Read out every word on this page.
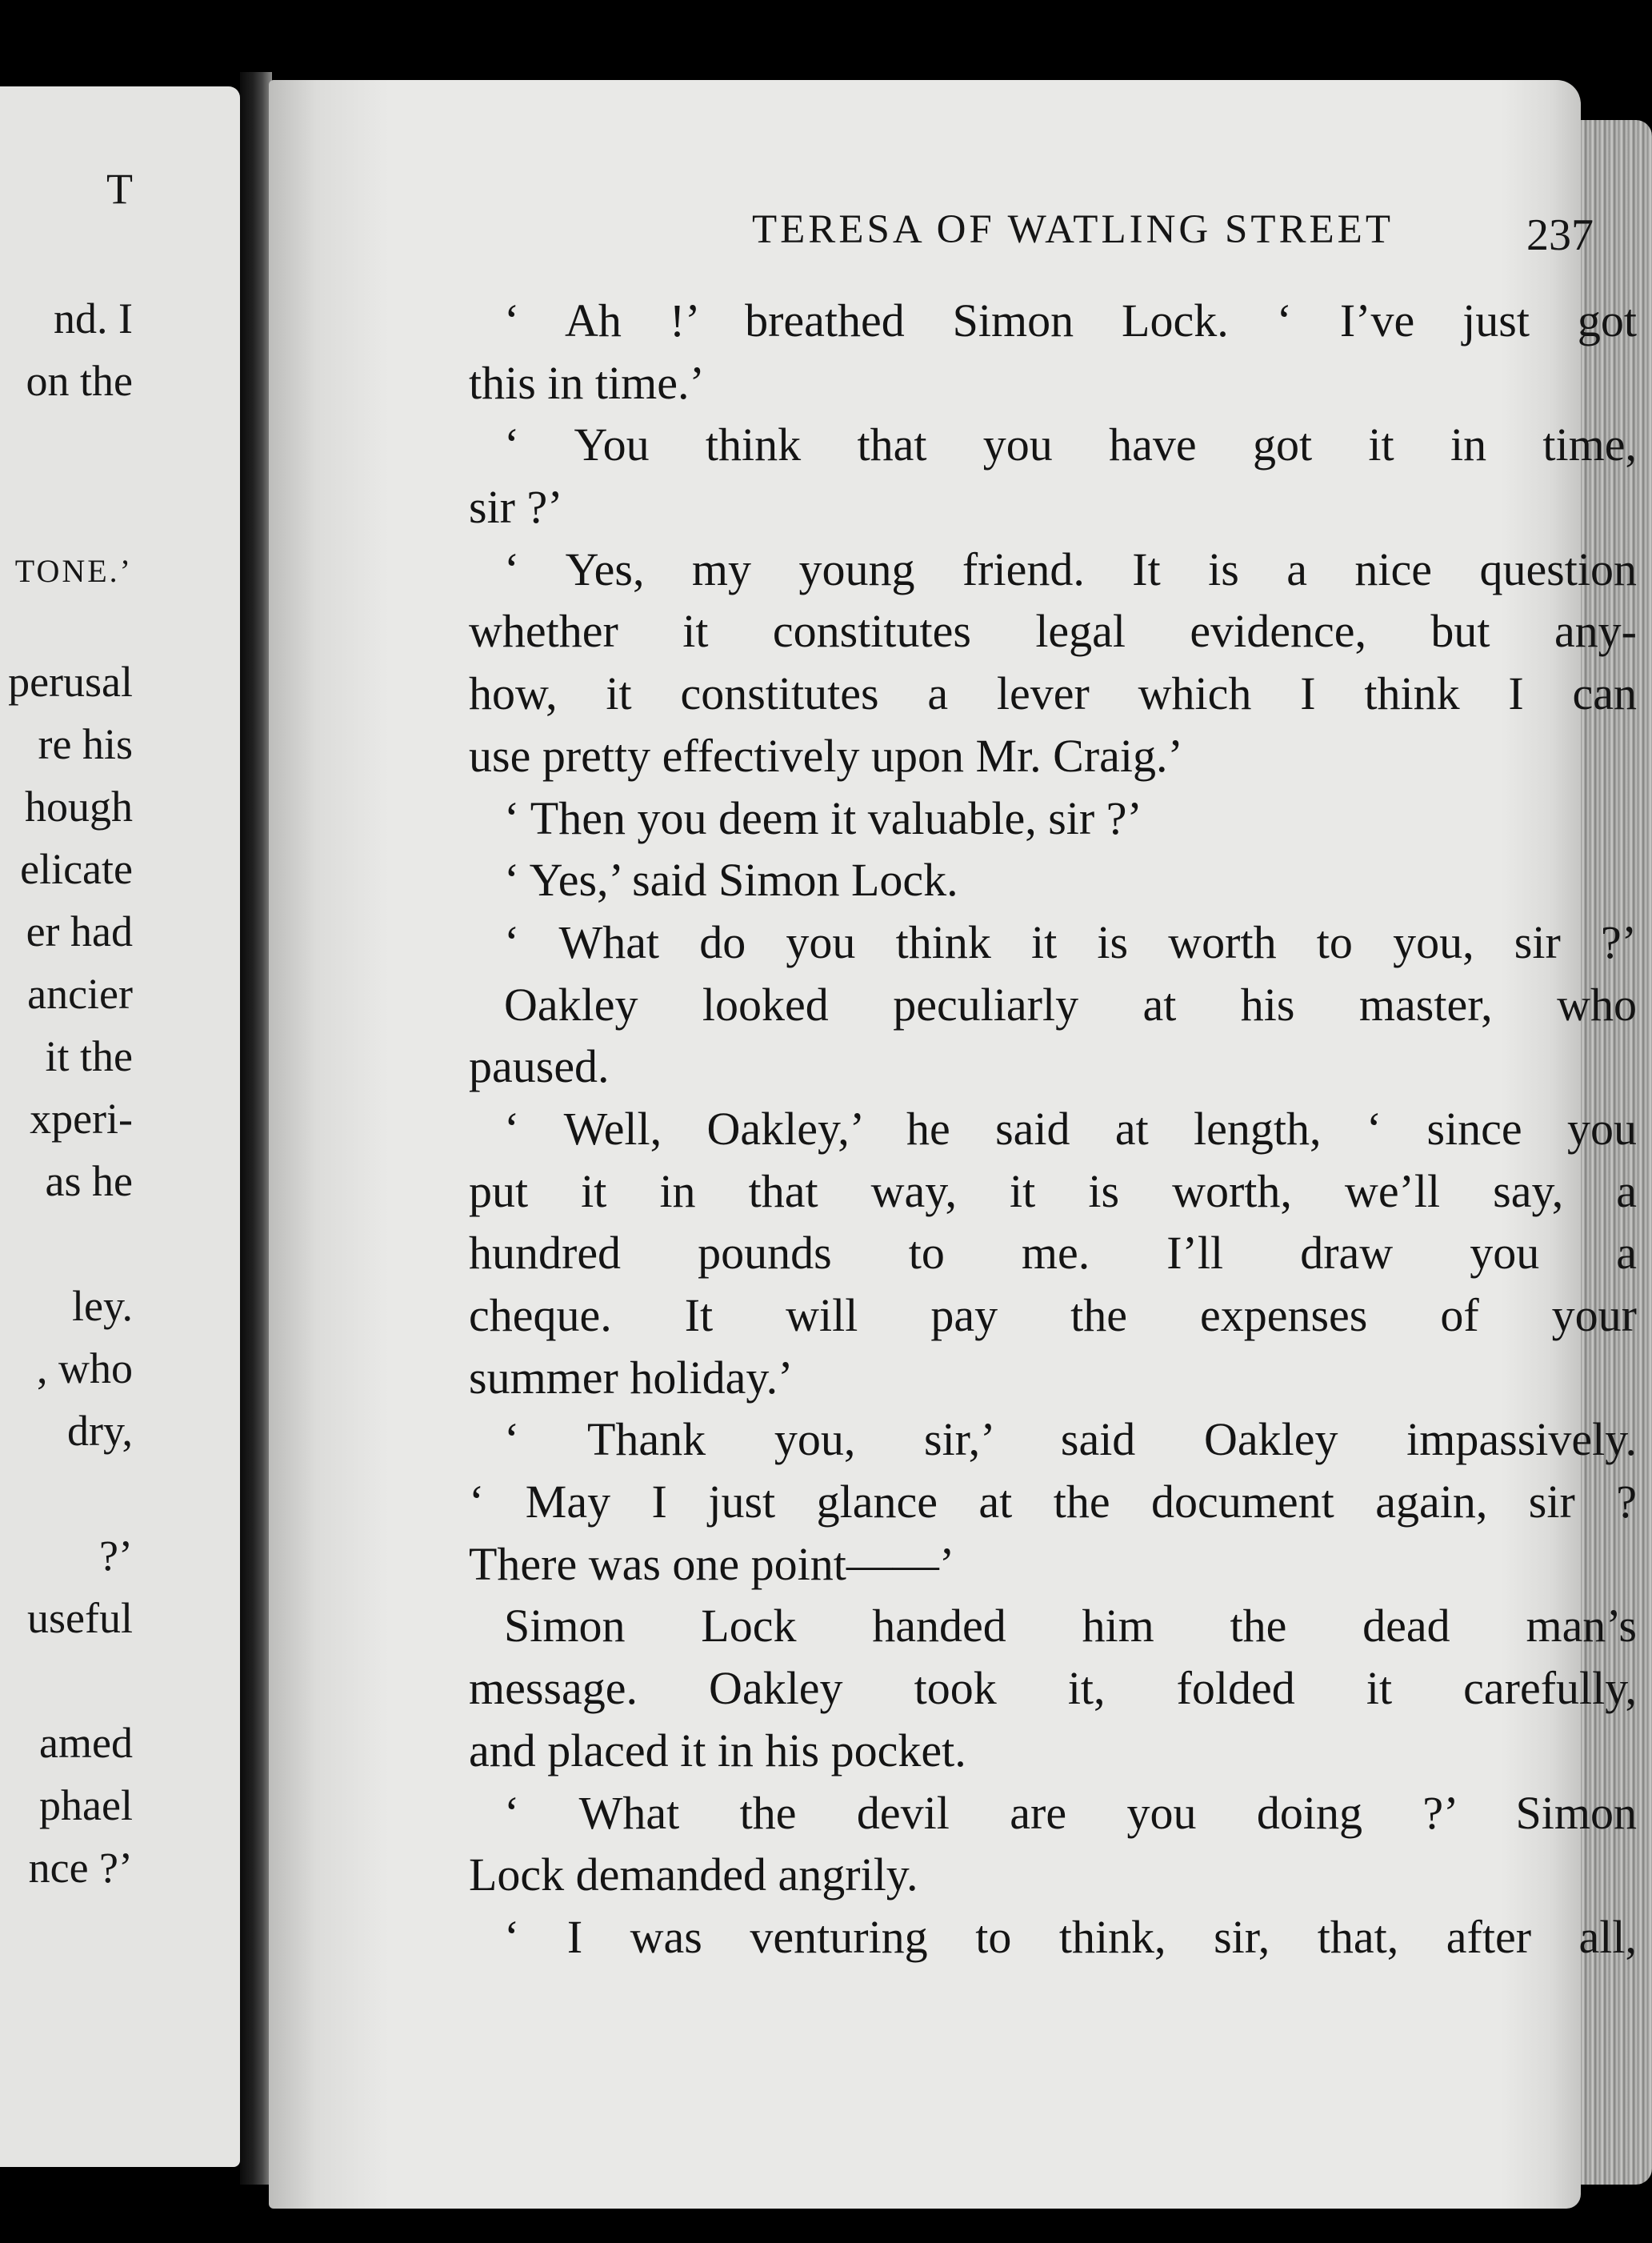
T
nd. I
on the
TONE.’
perusal
re his
hough
elicate
er had
ancier
it the
xperi-
as he
ley.
, who
dry,
?’
useful
amed
phael
nce ?’
TERESA OF WATLING STREET	237
‘ Ah !’ breathed Simon Lock. ‘ I’ve just got
this in time.’
‘ You think that you have got it in time,
sir ?’
‘ Yes, my young friend. It is a nice question
whether it constitutes legal evidence, but any-
how, it constitutes a lever which I think I can
use pretty effectively upon Mr. Craig.’
‘ Then you deem it valuable, sir ?’
‘ Yes,’ said Simon Lock.
‘ What do you think it is worth to you, sir ?’
Oakley looked peculiarly at his master, who
paused.
‘ Well, Oakley,’ he said at length, ‘ since you
put it in that way, it is worth, we’ll say, a
hundred pounds to me. I’ll draw you a
cheque. It will pay the expenses of your
summer holiday.’
‘ Thank you, sir,’ said Oakley impassively.
‘ May I just glance at the document again, sir ?
There was one point——’
Simon Lock handed him the dead man’s
message. Oakley took it, folded it carefully,
and placed it in his pocket.
‘ What the devil are you doing ?’ Simon
Lock demanded angrily.
‘ I was venturing to think, sir, that, after all,
